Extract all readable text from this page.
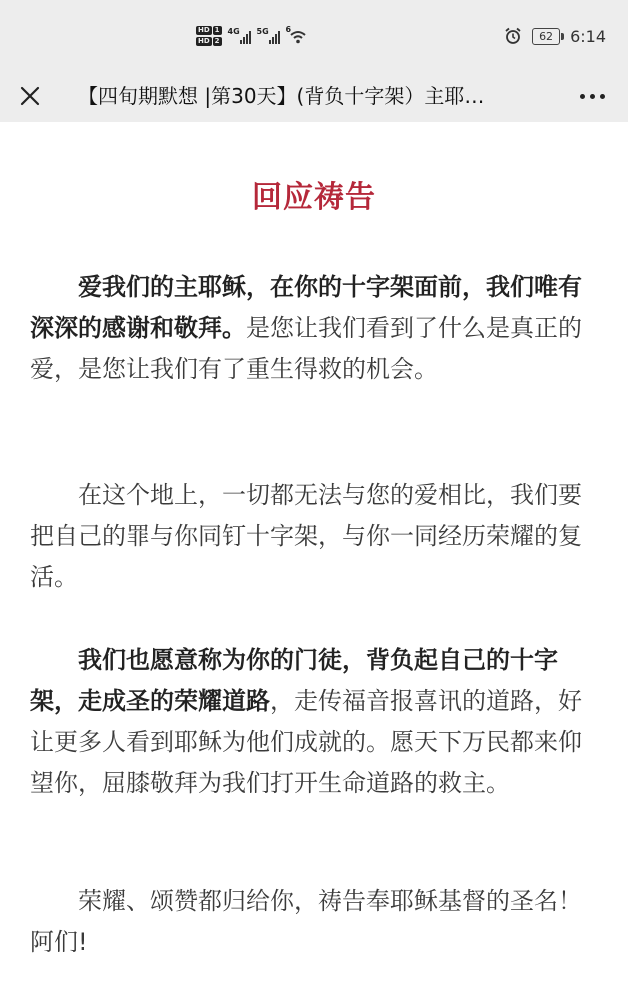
HD 1
HD 2
4G 5G 6	62	6:14
【四旬期默想 |第30天】(背负十字架）主耶…
回应祷告

爱我们的主耶稣，在你的十字架面前，我们唯有深深的感谢和敬拜。是您让我们看到了什么是真正的爱，是您让我们有了重生得救的机会。

在这个地上，一切都无法与您的爱相比，我们要把自己的罪与你同钉十字架，与你一同经历荣耀的复活。

我们也愿意称为你的门徒，背负起自己的十字架，走成圣的荣耀道路，走传福音报喜讯的道路，好让更多人看到耶稣为他们成就的。愿天下万民都来仰望你，屈膝敬拜为我们打开生命道路的救主。

荣耀、颂赞都归给你，祷告奉耶稣基督的圣名！阿们!
